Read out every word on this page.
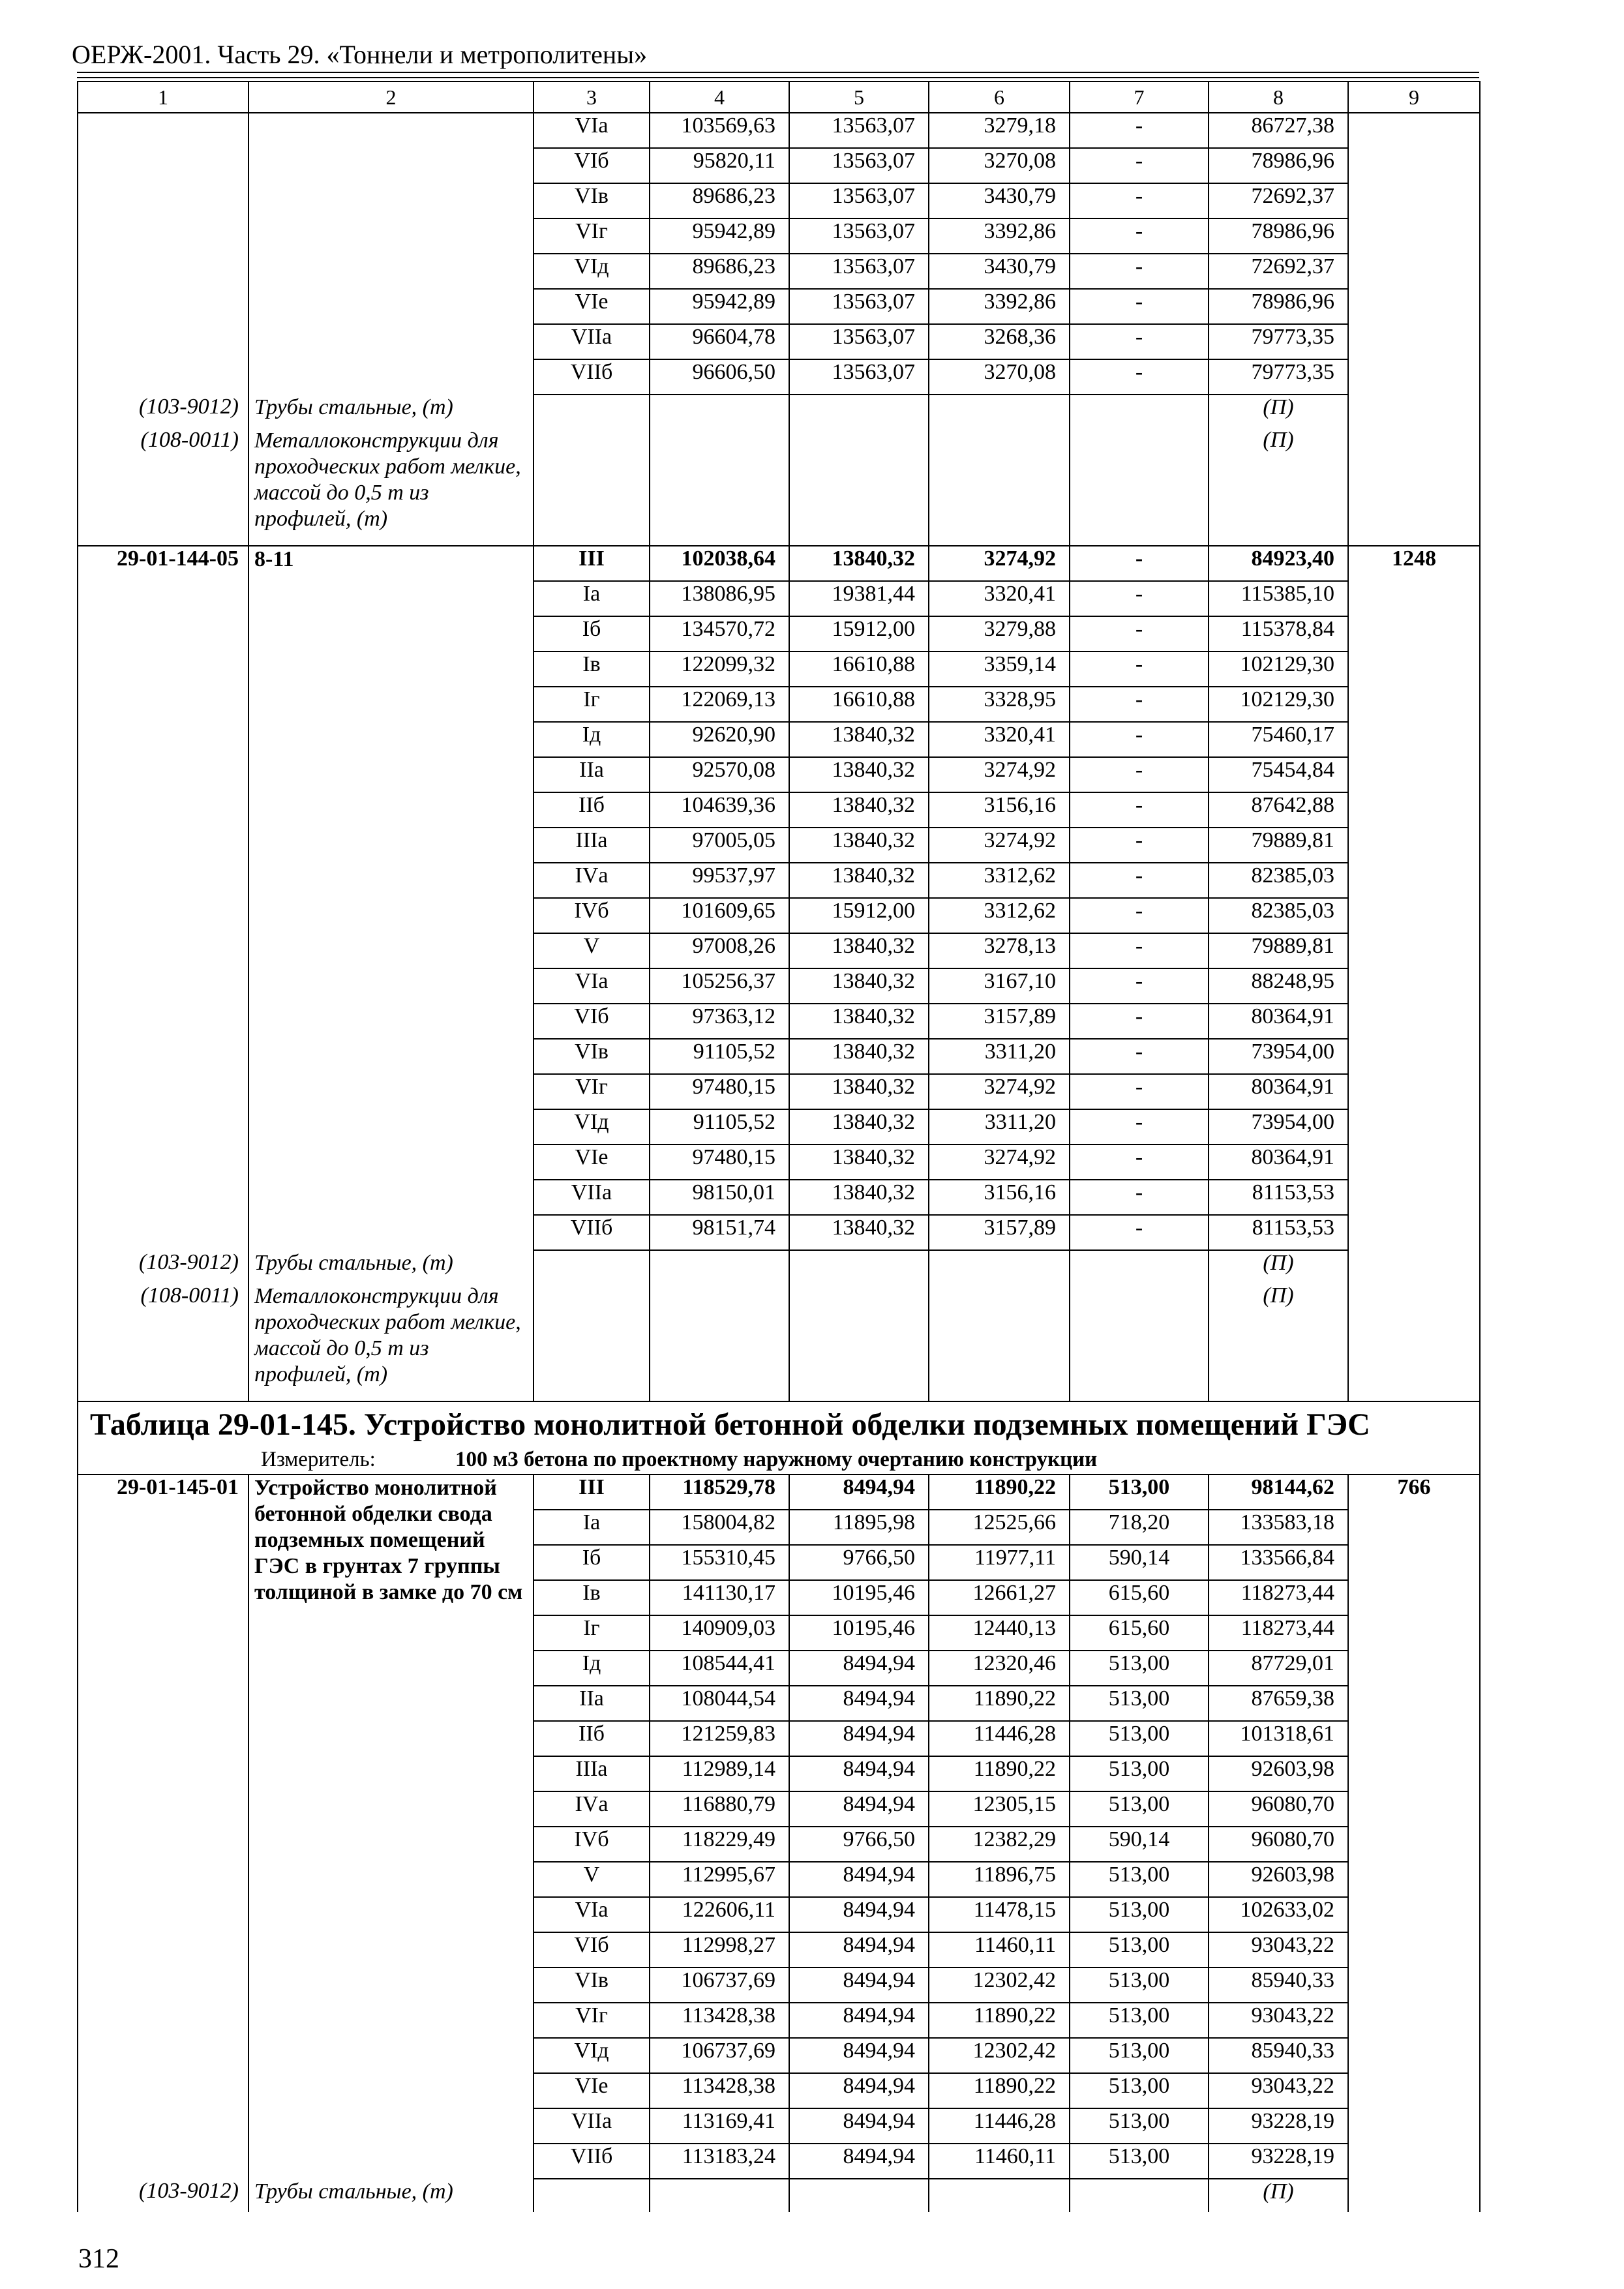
ОЕРЖ-2001. Часть 29. «Тоннели и метрополитены»
1	2	3	4	5	6	7	8	9
		VIа	103569,63	13563,07	3279,18	-	86727,38	
		VIб	95820,11	13563,07	3270,08	-	78986,96	
		VIв	89686,23	13563,07	3430,79	-	72692,37	
		VIг	95942,89	13563,07	3392,86	-	78986,96	
		VIд	89686,23	13563,07	3430,79	-	72692,37	
		VIе	95942,89	13563,07	3392,86	-	78986,96	
		VIIа	96604,78	13563,07	3268,36	-	79773,35	
		VIIб	96606,50	13563,07	3270,08	-	79773,35	
(103-9012)	Трубы стальные, (т)						(П)	
(108-0011)	Металлоконструкции для проходческих работ мелкие, массой до 0,5 т из профилей, (т)						(П)	
29-01-144-05	8-11	III	102038,64	13840,32	3274,92	-	84923,40	1248
		Iа	138086,95	19381,44	3320,41	-	115385,10	
		Iб	134570,72	15912,00	3279,88	-	115378,84	
		Iв	122099,32	16610,88	3359,14	-	102129,30	
		Iг	122069,13	16610,88	3328,95	-	102129,30	
		Iд	92620,90	13840,32	3320,41	-	75460,17	
		IIа	92570,08	13840,32	3274,92	-	75454,84	
		IIб	104639,36	13840,32	3156,16	-	87642,88	
		IIIа	97005,05	13840,32	3274,92	-	79889,81	
		IVа	99537,97	13840,32	3312,62	-	82385,03	
		IVб	101609,65	15912,00	3312,62	-	82385,03	
		V	97008,26	13840,32	3278,13	-	79889,81	
		VIа	105256,37	13840,32	3167,10	-	88248,95	
		VIб	97363,12	13840,32	3157,89	-	80364,91	
		VIв	91105,52	13840,32	3311,20	-	73954,00	
		VIг	97480,15	13840,32	3274,92	-	80364,91	
		VIд	91105,52	13840,32	3311,20	-	73954,00	
		VIе	97480,15	13840,32	3274,92	-	80364,91	
		VIIа	98150,01	13840,32	3156,16	-	81153,53	
		VIIб	98151,74	13840,32	3157,89	-	81153,53	
(103-9012)	Трубы стальные, (т)						(П)	
(108-0011)	Металлоконструкции для проходческих работ мелкие, массой до 0,5 т из профилей, (т)						(П)	

Таблица 29-01-145. Устройство монолитной бетонной обделки подземных помещений ГЭС
Измеритель: 100 м3 бетона по проектному наружному очертанию конструкции								

29-01-145-01	Устройство монолитной бетонной обделки свода подземных помещений ГЭС в грунтах 7 группы толщиной в замке до 70 см	III	118529,78	8494,94	11890,22	513,00	98144,62	766
		Iа	158004,82	11895,98	12525,66	718,20	133583,18	
		Iб	155310,45	9766,50	11977,11	590,14	133566,84	
		Iв	141130,17	10195,46	12661,27	615,60	118273,44	
		Iг	140909,03	10195,46	12440,13	615,60	118273,44	
		Iд	108544,41	8494,94	12320,46	513,00	87729,01	
		IIа	108044,54	8494,94	11890,22	513,00	87659,38	
		IIб	121259,83	8494,94	11446,28	513,00	101318,61	
		IIIа	112989,14	8494,94	11890,22	513,00	92603,98	
		IVа	116880,79	8494,94	12305,15	513,00	96080,70	
		IVб	118229,49	9766,50	12382,29	590,14	96080,70	
		V	112995,67	8494,94	11896,75	513,00	92603,98	
		VIа	122606,11	8494,94	11478,15	513,00	102633,02	
		VIб	112998,27	8494,94	11460,11	513,00	93043,22	
		VIв	106737,69	8494,94	12302,42	513,00	85940,33	
		VIг	113428,38	8494,94	11890,22	513,00	93043,22	
		VIд	106737,69	8494,94	12302,42	513,00	85940,33	
		VIе	113428,38	8494,94	11890,22	513,00	93043,22	
		VIIа	113169,41	8494,94	11446,28	513,00	93228,19	
		VIIб	113183,24	8494,94	11460,11	513,00	93228,19	
(103-9012)	Трубы стальные, (т)						(П)	
312
